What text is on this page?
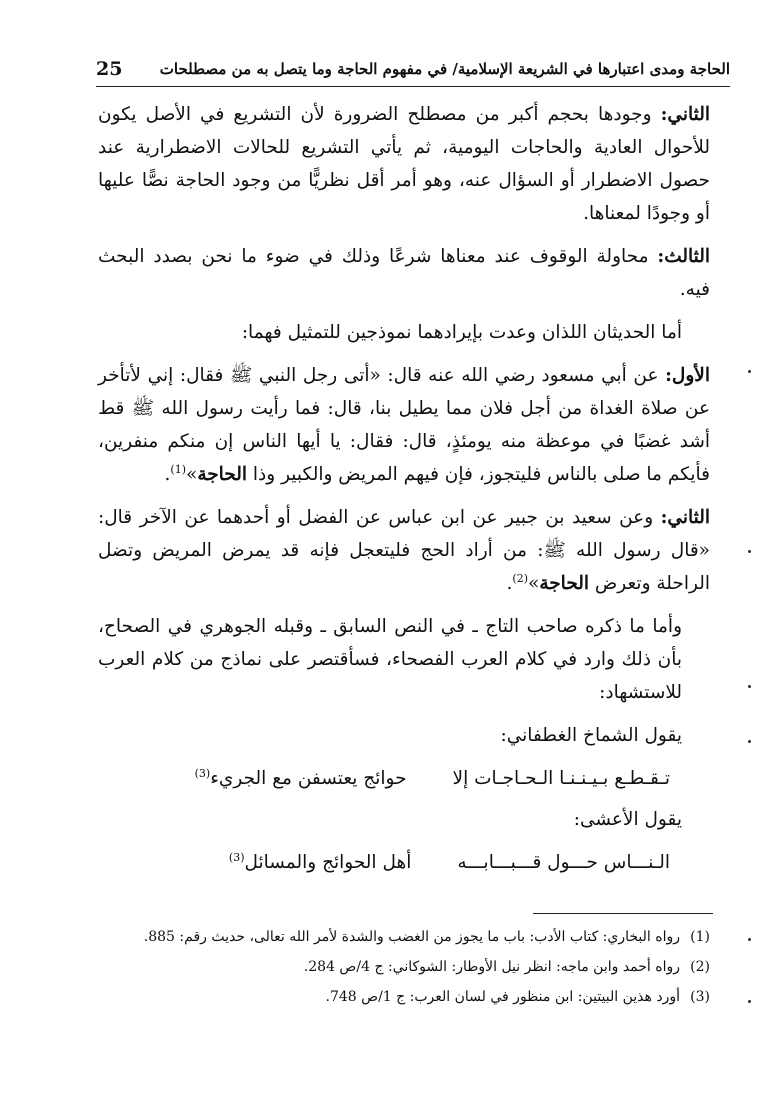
25 الحاجة ومدى اعتبارها في الشريعة الإسلامية/ في مفهوم الحاجة وما يتصل به من مصطلحات

الثاني: وجودها بحجم أكبر من مصطلح الضرورة لأن التشريع في الأصل يكون للأحوال العادية والحاجات اليومية، ثم يأتي التشريع للحالات الاضطرارية عند حصول الاضطرار أو السؤال عنه، وهو أمر أقل نظريًّا من وجود الحاجة نصًّا عليها أو وجودًا لمعناها.

الثالث: محاولة الوقوف عند معناها شرعًا وذلك في ضوء ما نحن بصدد البحث فيه.

أما الحديثان اللذان وعدت بإيرادهما نموذجين للتمثيل فهما:

الأول: عن أبي مسعود رضي الله عنه قال: «أتى رجل النبي ﷺ فقال: إني لأتأخر عن صلاة الغداة من أجل فلان مما يطيل بنا، قال: فما رأيت رسول الله ﷺ قط أشد غضبًا في موعظة منه يومئذٍ، قال: فقال: يا أيها الناس إن منكم منفرين، فأيكم ما صلى بالناس فليتجوز، فإن فيهم المريض والكبير وذا الحاجة»$^{(1)}$.

الثاني: وعن سعيد بن جبير عن ابن عباس عن الفضل أو أحدهما عن الآخر قال: «قال رسول الله ﷺ: من أراد الحج فليتعجل فإنه قد يمرض المريض وتضل الراحلة وتعرض الحاجة»$^{(2)}$.

وأما ما ذكره صاحب التاج ـ في النص السابق ـ وقبله الجوهري في الصحاح، بأن ذلك وارد في كلام العرب الفصحاء، فسأقتصر على نماذج من كلام العرب للاستشهاد:

يقول الشماخ الغطفاني:

تـقـطـع بـيـنـنـا الـحـاجـات إلا
حوائج يعتسفن مع الجريء$^{(3)}$

يقول الأعشى:

الـنـــاس حـــول قـــبـــابـــه
أهل الحوائج والمسائل$^{(3)}$
(1)
رواه البخاري: كتاب الأدب: باب ما يجوز من الغضب والشدة لأمر الله تعالى، حديث رقم: 885.
(2)
رواه أحمد وابن ماجه: انظر نيل الأوطار: الشوكاني: ج 4/ص 284.
(3)
أورد هذين البيتين: ابن منظور في لسان العرب: ج 1/ص 748.
